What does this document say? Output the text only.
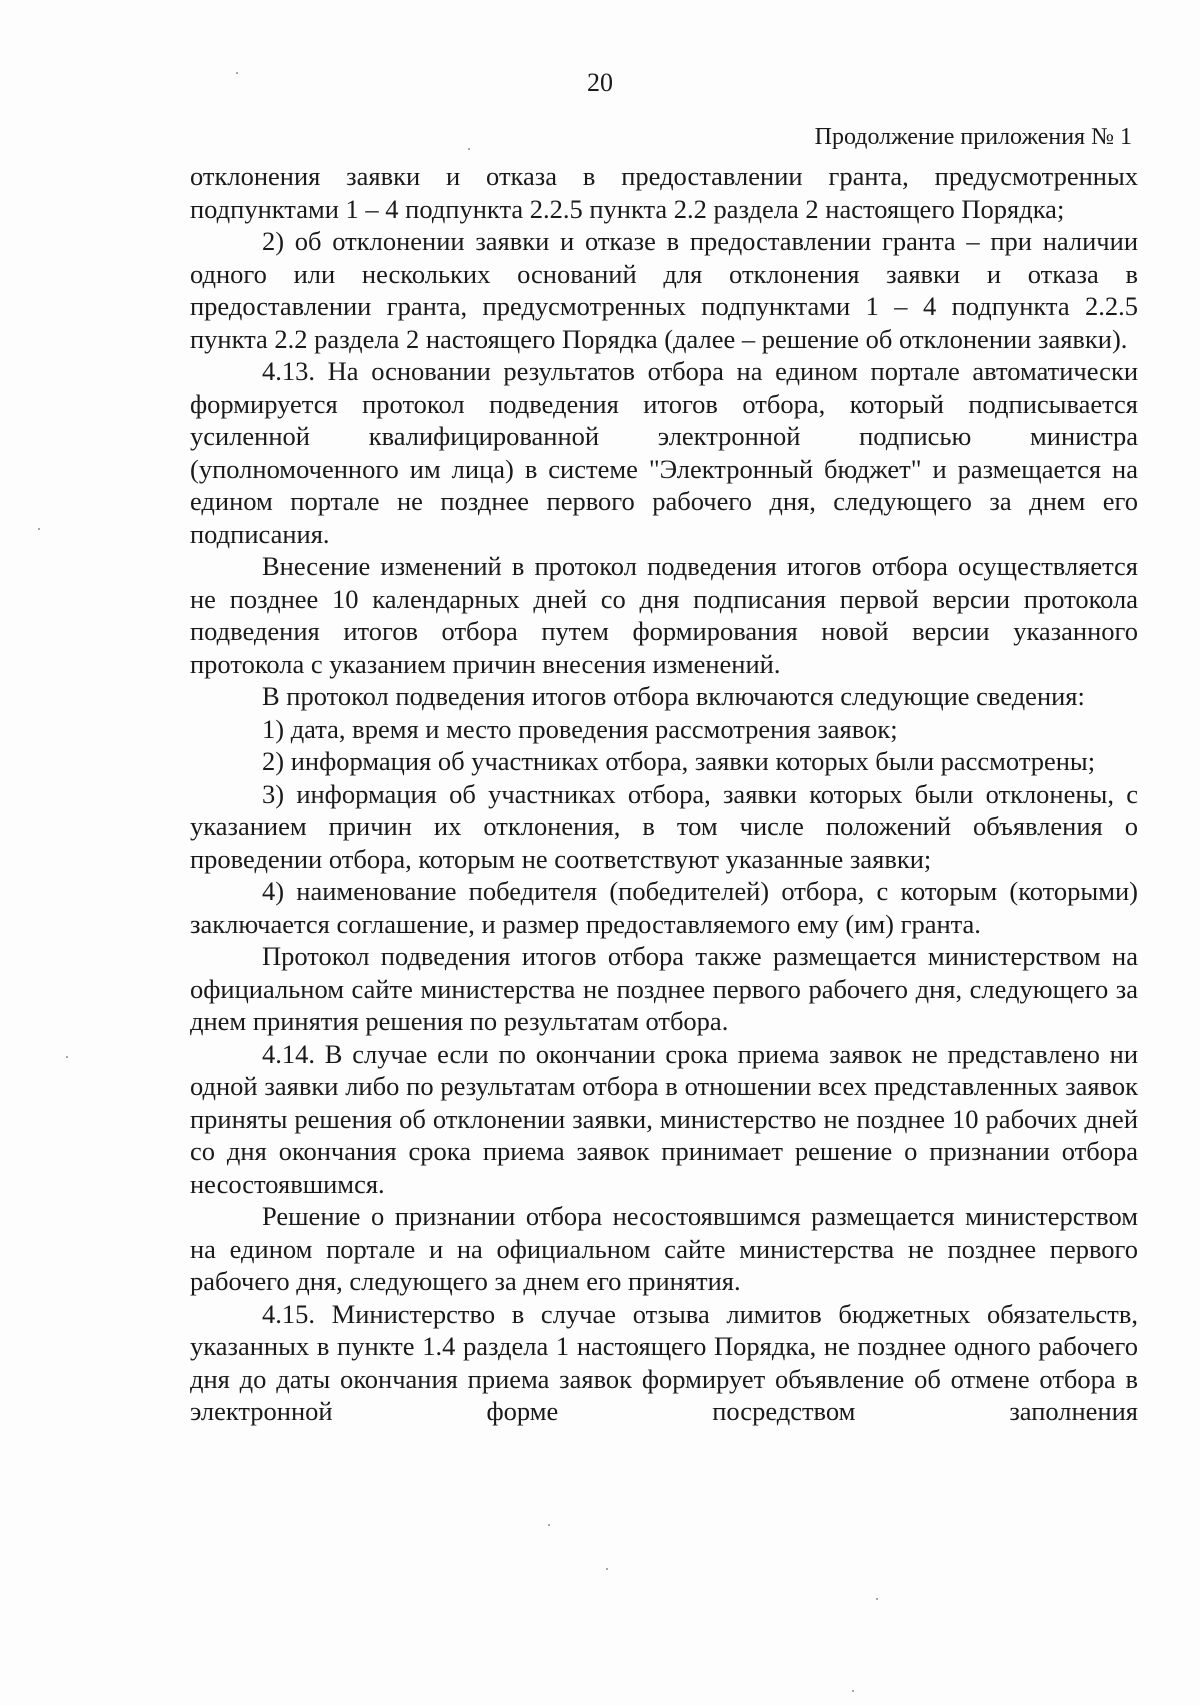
20
Продолжение приложения № 1

отклонения заявки и отказа в предоставлении гранта, предусмотренных подпунктами 1 – 4 подпункта 2.2.5 пункта 2.2 раздела 2 настоящего Порядка;

2) об отклонении заявки и отказе в предоставлении гранта – при наличии одного или нескольких оснований для отклонения заявки и отказа в предоставлении гранта, предусмотренных подпунктами 1 – 4 подпункта 2.2.5 пункта 2.2 раздела 2 настоящего Порядка (далее – решение об отклонении заявки).

4.13. На основании результатов отбора на едином портале автоматически формируется протокол подведения итогов отбора, который подписывается усиленной квалифицированной электронной подписью министра (уполномоченного им лица) в системе "Электронный бюджет" и размещается на едином портале не позднее первого рабочего дня, следующего за днем его подписания.

Внесение изменений в протокол подведения итогов отбора осуществляется не позднее 10 календарных дней со дня подписания первой версии протокола подведения итогов отбора путем формирования новой версии указанного протокола с указанием причин внесения изменений.

В протокол подведения итогов отбора включаются следующие сведения:

1) дата, время и место проведения рассмотрения заявок;

2) информация об участниках отбора, заявки которых были рассмотрены;

3) информация об участниках отбора, заявки которых были отклонены, с указанием причин их отклонения, в том числе положений объявления о проведении отбора, которым не соответствуют указанные заявки;

4) наименование победителя (победителей) отбора, с которым (которыми) заключается соглашение, и размер предоставляемого ему (им) гранта.

Протокол подведения итогов отбора также размещается министерством на официальном сайте министерства не позднее первого рабочего дня, следующего за днем принятия решения по результатам отбора.

4.14. В случае если по окончании срока приема заявок не представлено ни одной заявки либо по результатам отбора в отношении всех представленных заявок приняты решения об отклонении заявки, министерство не позднее 10 рабочих дней со дня окончания срока приема заявок принимает решение о признании отбора несостоявшимся.

Решение о признании отбора несостоявшимся размещается министерством на едином портале и на официальном сайте министерства не позднее первого рабочего дня, следующего за днем его принятия.

4.15. Министерство в случае отзыва лимитов бюджетных обязательств, указанных в пункте 1.4 раздела 1 настоящего Порядка, не позднее одного рабочего дня до даты окончания приема заявок формирует объявление об отмене отбора в электронной форме посредством заполнения
